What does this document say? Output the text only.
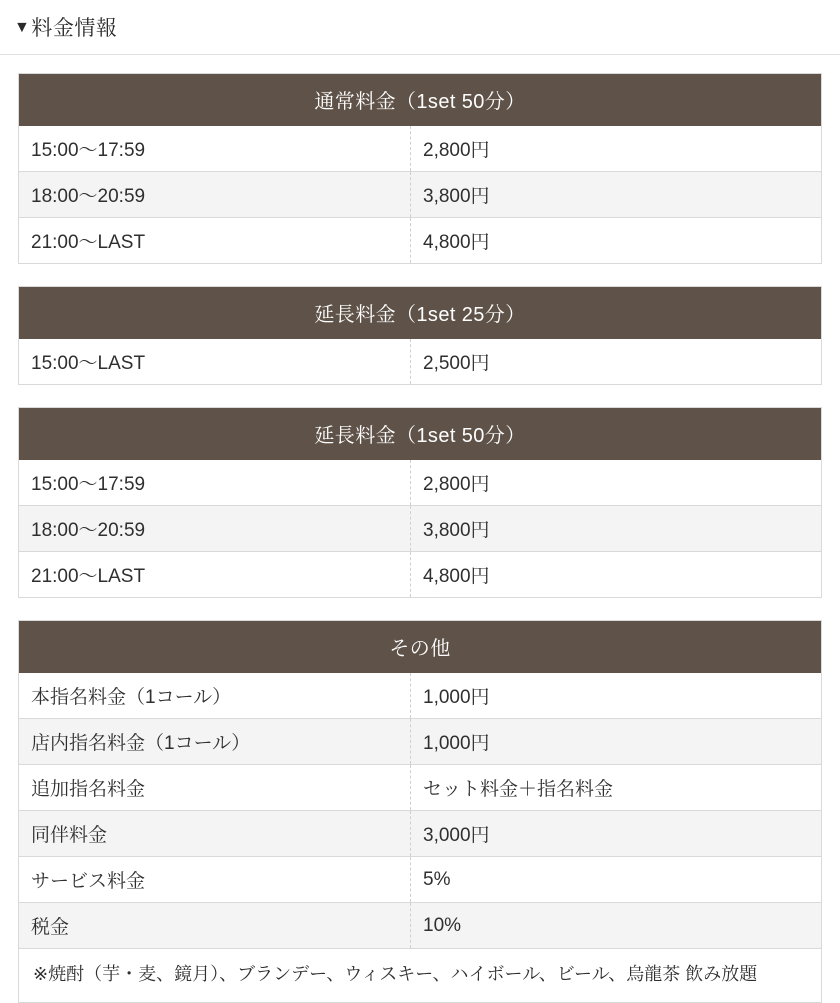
▼ 料金情報
通常料金（1set 50分）
15:00〜17:59	2,800円
18:00〜20:59	3,800円
21:00〜LAST	4,800円
延長料金（1set 25分）
15:00〜LAST	2,500円
延長料金（1set 50分）
15:00〜17:59	2,800円
18:00〜20:59	3,800円
21:00〜LAST	4,800円
その他
本指名料金（1コール）	1,000円
店内指名料金（1コール）	1,000円
追加指名料金	セット料金＋指名料金
同伴料金	3,000円
サービス料金	5%
税金	10%
※焼酎（芋・麦、鏡月）、ブランデー、ウィスキー、ハイボール、ビール、烏龍茶 飲み放題
